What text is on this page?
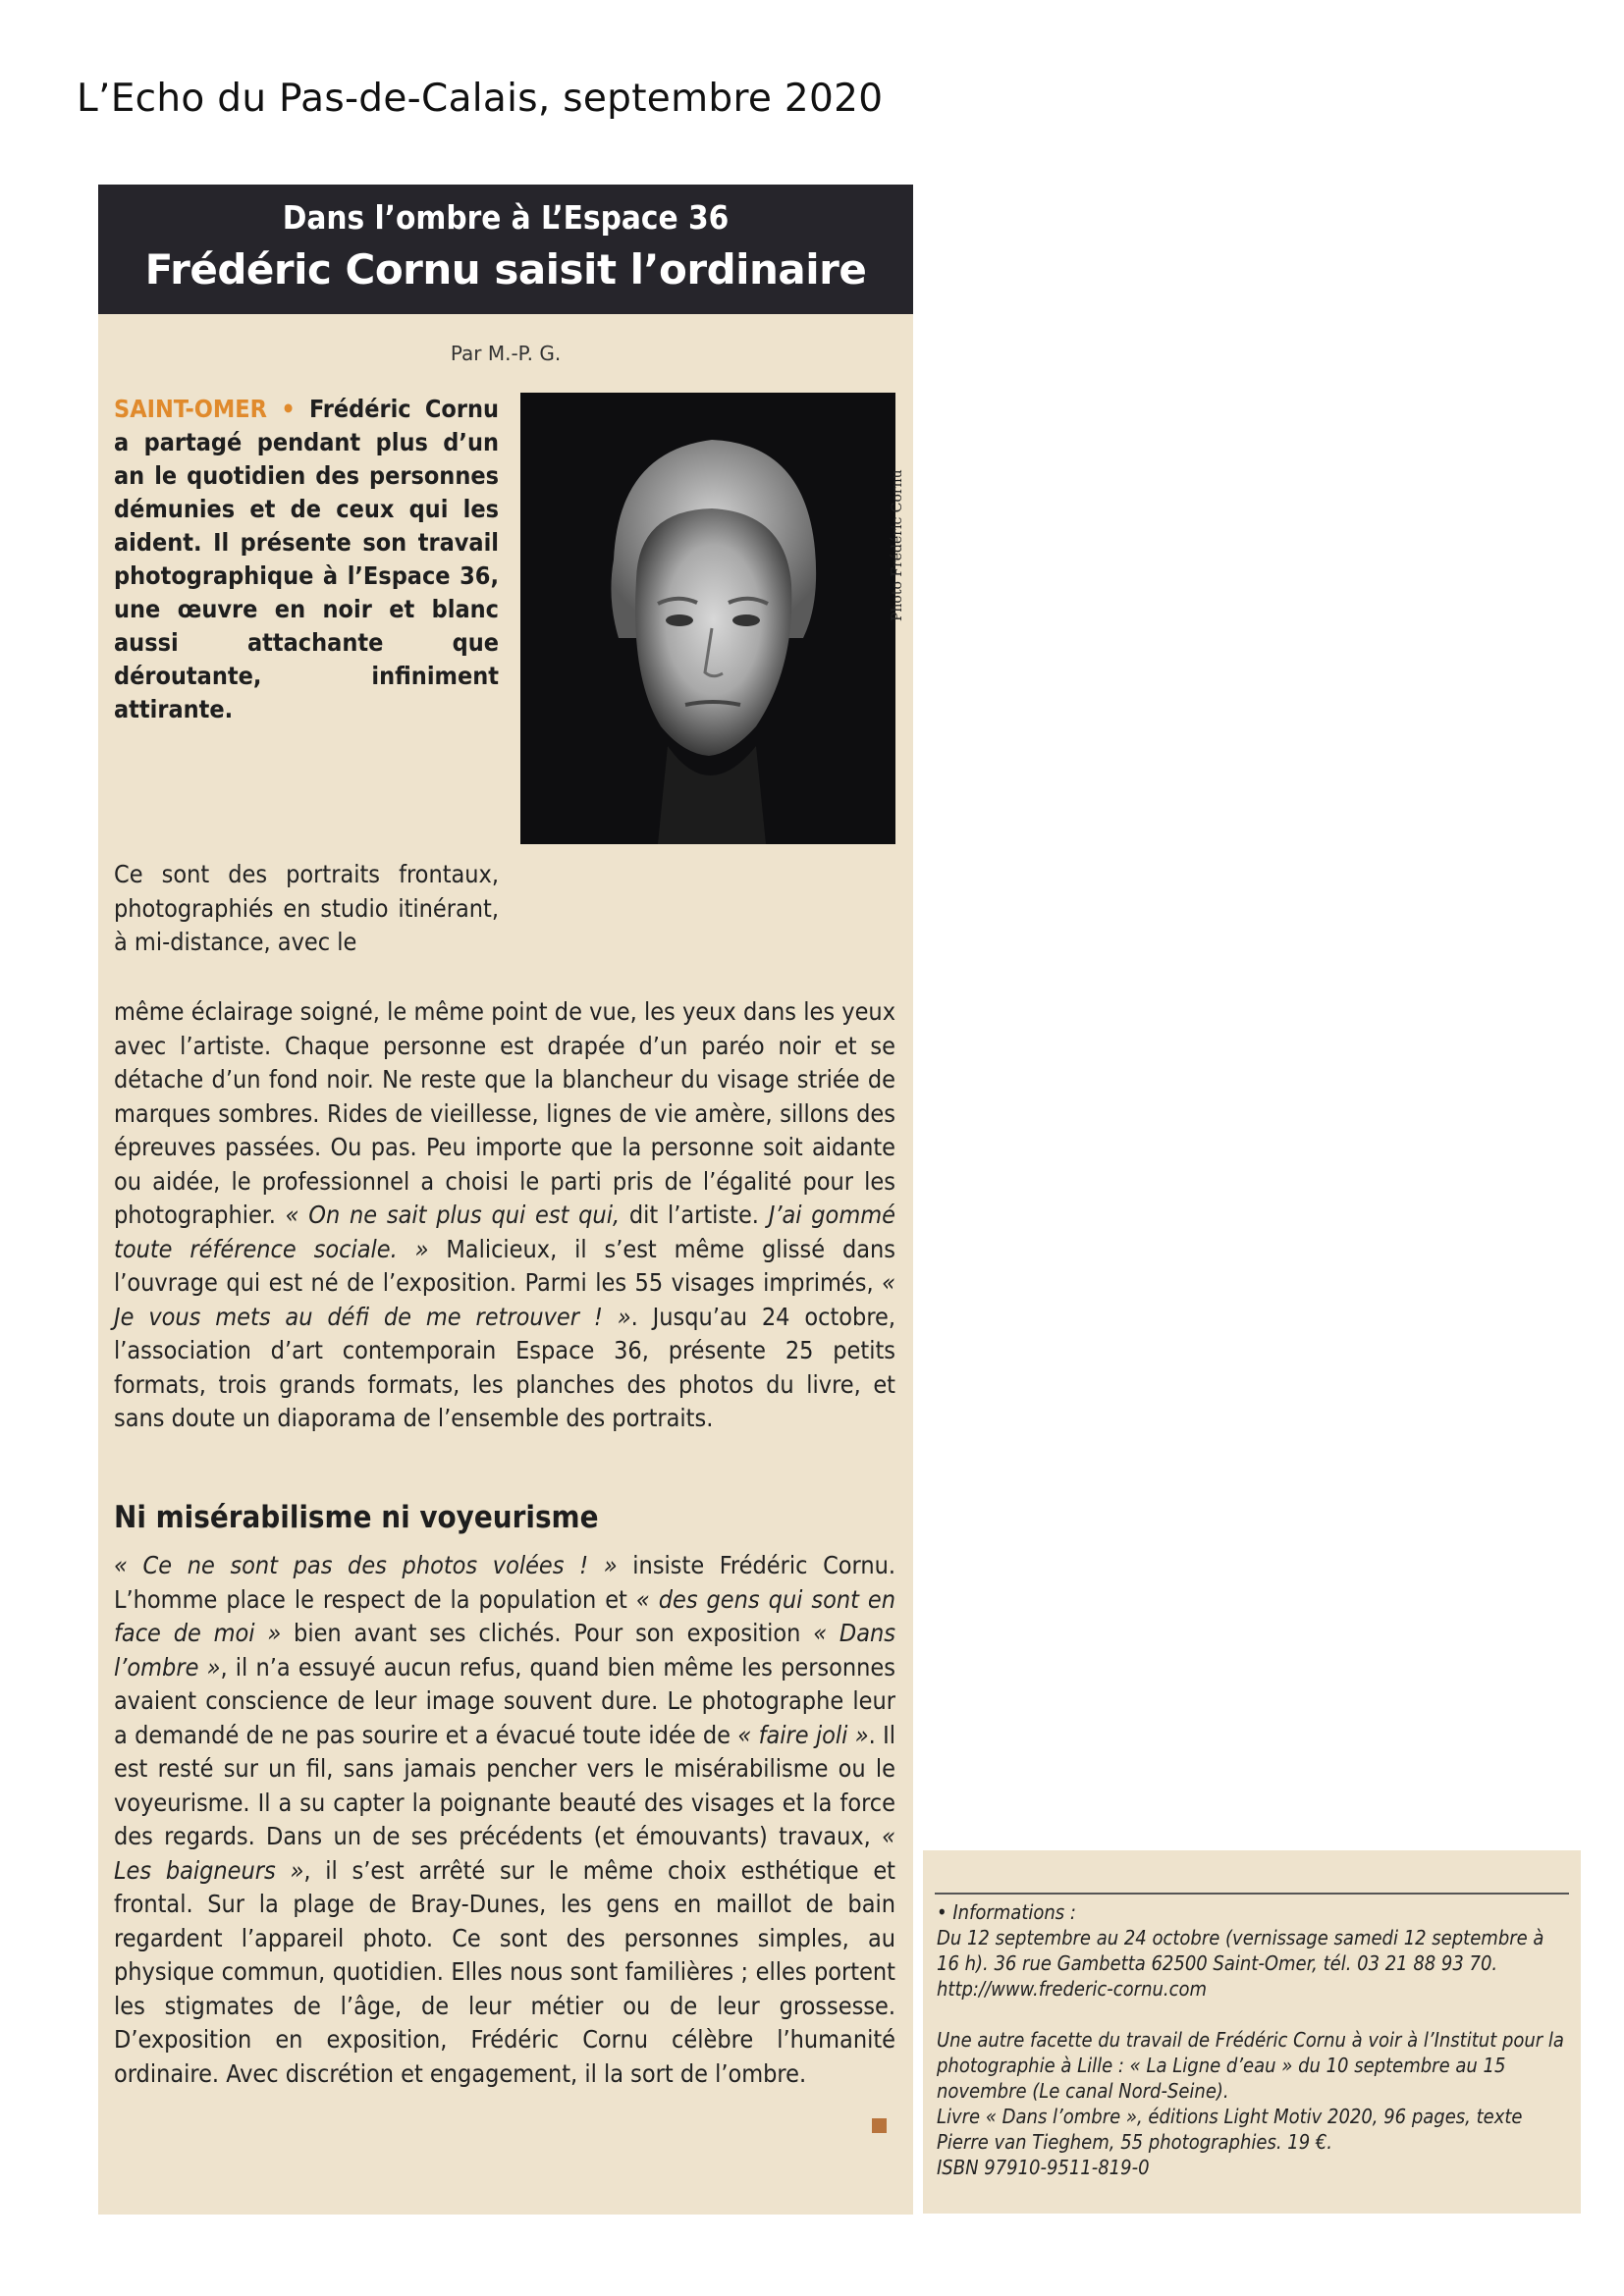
L’Echo du Pas-de-Calais, septembre 2020
Dans l’ombre à L’Espace 36
Frédéric Cornu saisit l’ordinaire
Par M.-P. G.
SAINT-OMER • Frédéric Cornu a partagé pendant plus d’un an le quotidien des personnes démunies et de ceux qui les aident. Il présente son travail photographique à l’Espace 36, une œuvre en noir et blanc aussi attachante que déroutante, infiniment attirante.
Photo Frédéric Cornu
Ce sont des portraits frontaux, photographiés en studio itinérant, à mi-distance, avec le
même éclairage soigné, le même point de vue, les yeux dans les yeux avec l’artiste. Chaque personne est drapée d’un paréo noir et se détache d’un fond noir. Ne reste que la blancheur du visage striée de marques sombres. Rides de vieillesse, lignes de vie amère, sillons des épreuves passées. Ou pas. Peu importe que la personne soit aidante ou aidée, le professionnel a choisi le parti pris de l’égalité pour les photographier. « On ne sait plus qui est qui, dit l’artiste. J’ai gommé toute référence sociale. » Malicieux, il s’est même glissé dans l’ouvrage qui est né de l’exposition. Parmi les 55 visages imprimés, « Je vous mets au défi de me retrouver ! ». Jusqu’au 24 octobre, l’association d’art contemporain Espace 36, présente 25 petits formats, trois grands formats, les planches des photos du livre, et sans doute un diaporama de l’ensemble des portraits.
Ni misérabilisme ni voyeurisme
« Ce ne sont pas des photos volées ! » insiste Frédéric Cornu. L’homme place le respect de la population et « des gens qui sont en face de moi » bien avant ses clichés. Pour son exposition « Dans l’ombre », il n’a essuyé aucun refus, quand bien même les personnes avaient conscience de leur image souvent dure. Le photographe leur a demandé de ne pas sourire et a évacué toute idée de « faire joli ». Il est resté sur un fil, sans jamais pencher vers le misérabilisme ou le voyeurisme. Il a su capter la poignante beauté des visages et la force des regards. Dans un de ses précédents (et émouvants) travaux, « Les baigneurs », il s’est arrêté sur le même choix esthétique et frontal. Sur la plage de Bray-Dunes, les gens en maillot de bain regardent l’appareil photo. Ce sont des personnes simples, au physique commun, quotidien. Elles nous sont familières ; elles portent les stigmates de l’âge, de leur métier ou de leur grossesse. D’exposition en exposition, Frédéric Cornu célèbre l’humanité ordinaire. Avec discrétion et engagement, il la sort de l’ombre.

• Informations :

Du 12 septembre au 24 octobre (vernissage samedi 12 septembre à 16 h). 36 rue Gambetta 62500 Saint-Omer, tél. 03 21 88 93 70.

http://www.frederic-cornu.com

Une autre facette du travail de Frédéric Cornu à voir à l’Institut pour la photographie à Lille : « La Ligne d’eau » du 10 septembre au 15 novembre (Le canal Nord-Seine).

Livre « Dans l’ombre », éditions Light Motiv 2020, 96 pages, texte Pierre van Tieghem, 55 photographies. 19 €.

ISBN 97910-9511-819-0
